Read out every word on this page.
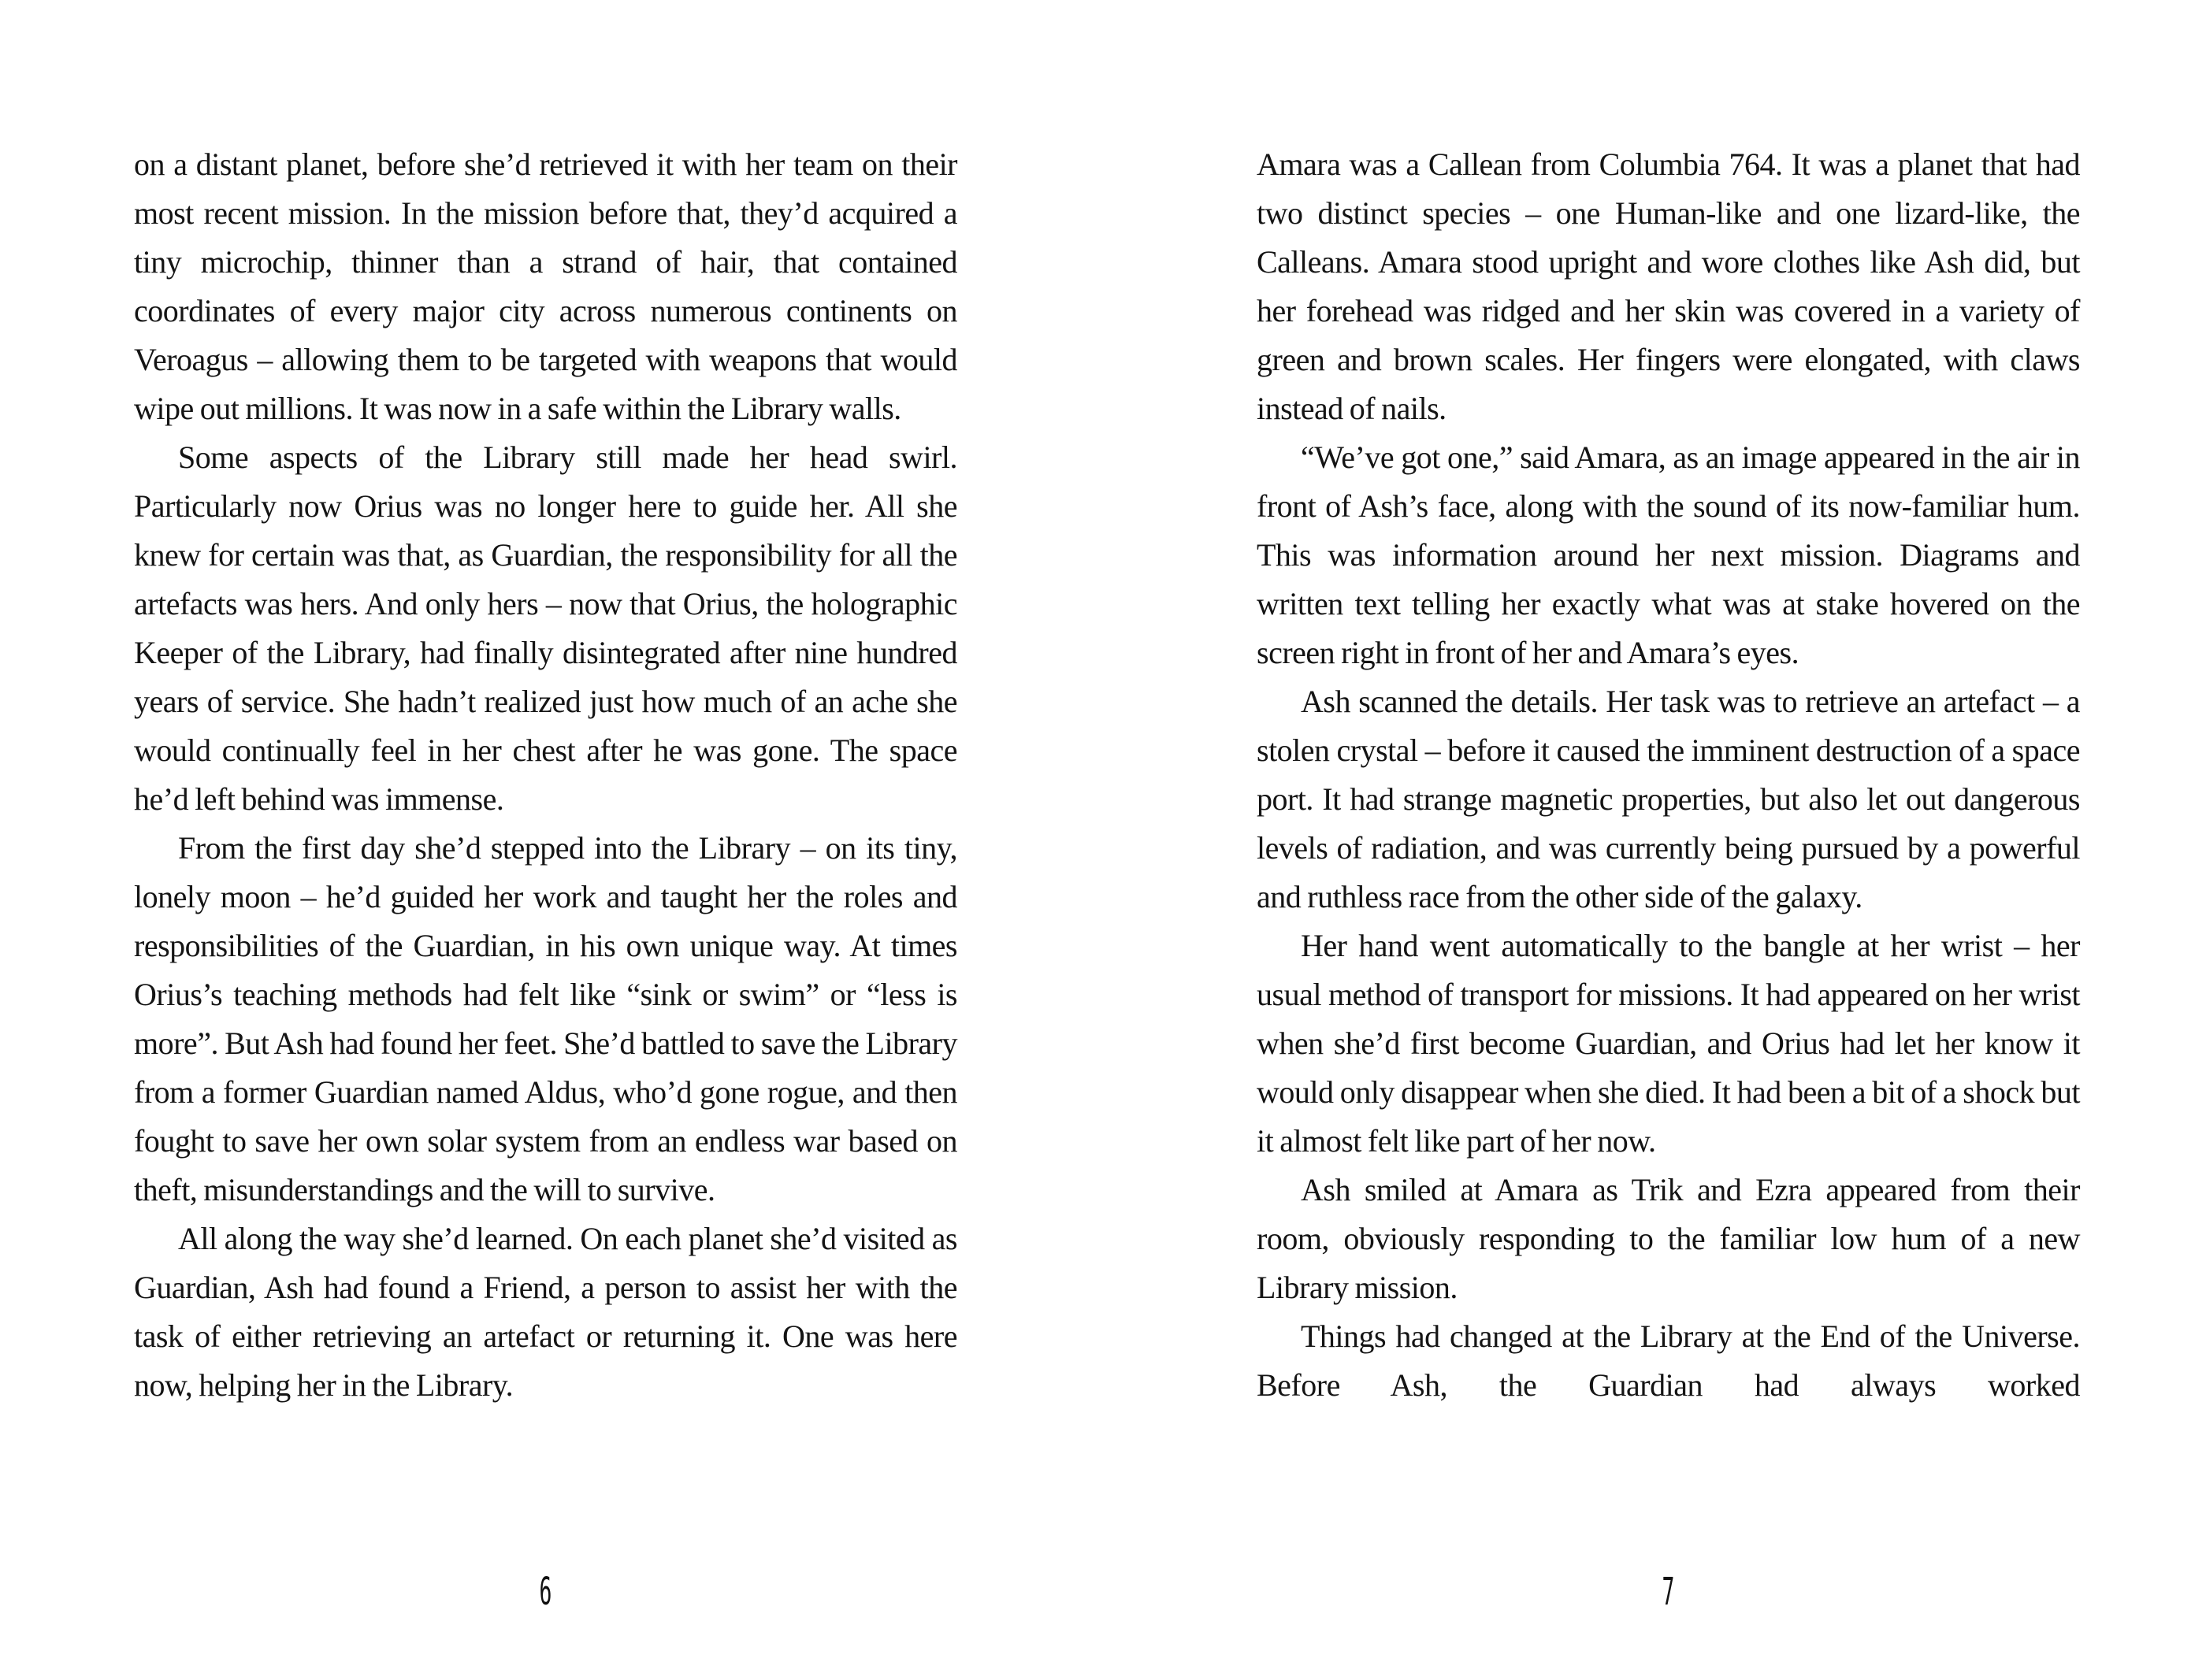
on a distant planet, before she’d retrieved it with her team on their most recent mission. In the mission before that, they’d acquired a tiny microchip, thinner than a strand of hair, that contained coordinates of every major city across numerous continents on Veroagus – allowing them to be targeted with weapons that would wipe out millions. It was now in a safe within the Library walls.

Some aspects of the Library still made her head swirl. Particularly now Orius was no longer here to guide her. All she knew for certain was that, as Guardian, the responsibility for all the artefacts was hers. And only hers – now that Orius, the holographic Keeper of the Library, had finally disintegrated after nine hundred years of service. She hadn’t realized just how much of an ache she would continually feel in her chest after he was gone. The space he’d left behind was immense.

From the first day she’d stepped into the Library – on its tiny, lonely moon – he’d guided her work and taught her the roles and responsibilities of the Guardian, in his own unique way. At times Orius’s teaching methods had felt like “sink or swim” or “less is more”. But Ash had found her feet. She’d battled to save the Library from a former Guardian named Aldus, who’d gone rogue, and then fought to save her own solar system from an endless war based on theft, misunderstandings and the will to survive.

All along the way she’d learned. On each planet she’d visited as Guardian, Ash had found a Friend, a person to assist her with the task of either retrieving an artefact or returning it. One was here now, helping her in the Library.

Amara was a Callean from Columbia 764. It was a planet that had two distinct species – one Human-like and one lizard-like, the Calleans. Amara stood upright and wore clothes like Ash did, but her forehead was ridged and her skin was covered in a variety of green and brown scales. Her fingers were elongated, with claws instead of nails.

“We’ve got one,” said Amara, as an image appeared in the air in front of Ash’s face, along with the sound of its now-familiar hum. This was information around her next mission. Diagrams and written text telling her exactly what was at stake hovered on the screen right in front of her and Amara’s eyes.

Ash scanned the details. Her task was to retrieve an artefact – a stolen crystal – before it caused the imminent destruction of a space port. It had strange magnetic properties, but also let out dangerous levels of radiation, and was currently being pursued by a powerful and ruthless race from the other side of the galaxy.

Her hand went automatically to the bangle at her wrist – her usual method of transport for missions. It had appeared on her wrist when she’d first become Guardian, and Orius had let her know it would only disappear when she died. It had been a bit of a shock but it almost felt like part of her now.

Ash smiled at Amara as Trik and Ezra appeared from their room, obviously responding to the familiar low hum of a new Library mission.

Things had changed at the Library at the End of the Universe. Before Ash, the Guardian had always worked

6	7
